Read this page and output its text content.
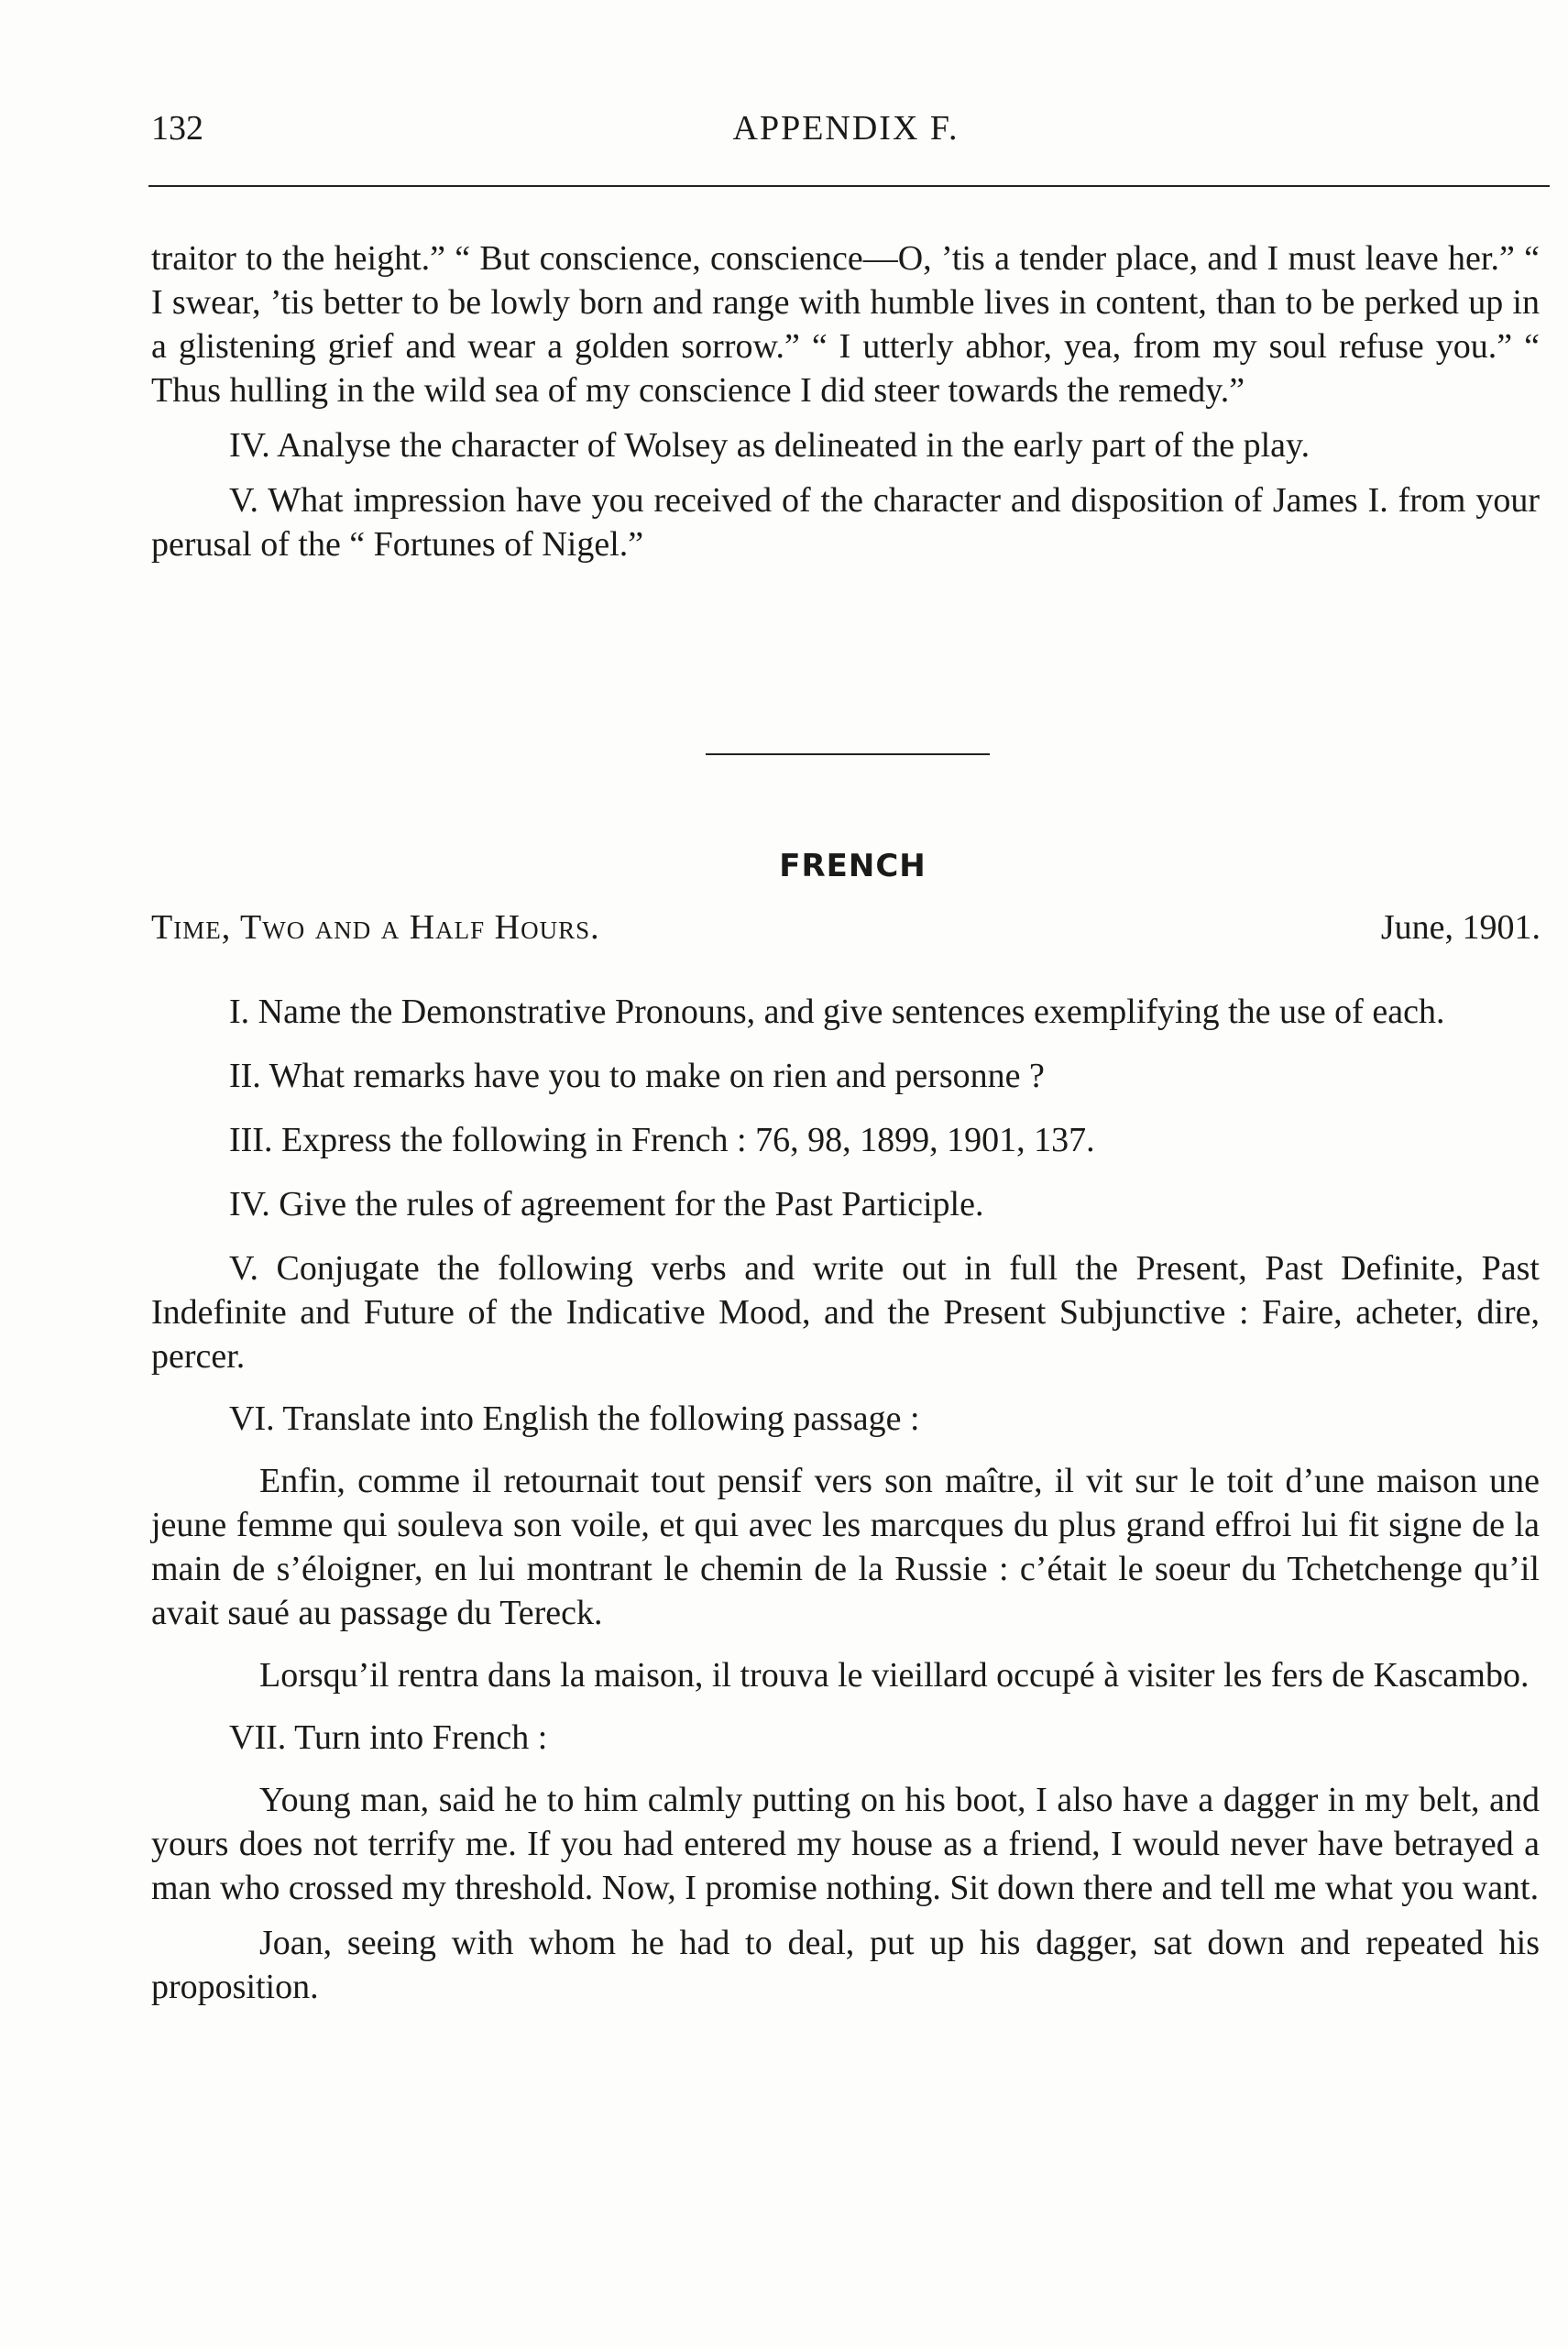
132	APPENDIX F.

traitor to the height.” “ But conscience, conscience—O, ’tis a tender place, and I must leave her.” “ I swear, ’tis better to be lowly born and range with humble lives in content, than to be perked up in a glistening grief and wear a golden sorrow.” “ I utterly abhor, yea, from my soul refuse you.” “ Thus hulling in the wild sea of my conscience I did steer towards the remedy.”

IV. Analyse the character of Wolsey as delineated in the early part of the play.

V. What impression have you received of the character and disposition of James I. from your perusal of the “ Fortunes of Nigel.”

FRENCH
Time, Two and a Half Hours.	June, 1901.

I. Name the Demonstrative Pronouns, and give sentences exemplifying the use of each.

II. What remarks have you to make on rien and personne ?

III. Express the following in French : 76, 98, 1899, 1901, 137.

IV. Give the rules of agreement for the Past Participle.

V. Conjugate the following verbs and write out in full the Present, Past Definite, Past Indefinite and Future of the Indicative Mood, and the Present Subjunctive : Faire, acheter, dire, percer.

VI. Translate into English the following passage :

Enfin, comme il retournait tout pensif vers son maître, il vit sur le toit d’une maison une jeune femme qui souleva son voile, et qui avec les marcques du plus grand effroi lui fit signe de la main de s’éloigner, en lui montrant le chemin de la Russie : c’était le soeur du Tchetchenge qu’il avait saué au passage du Tereck.

Lorsqu’il rentra dans la maison, il trouva le vieillard occupé à visiter les fers de Kascambo.

VII. Turn into French :

Young man, said he to him calmly putting on his boot, I also have a dagger in my belt, and yours does not terrify me. If you had entered my house as a friend, I would never have betrayed a man who crossed my threshold. Now, I promise nothing. Sit down there and tell me what you want.

Joan, seeing with whom he had to deal, put up his dagger, sat down and repeated his proposition.
